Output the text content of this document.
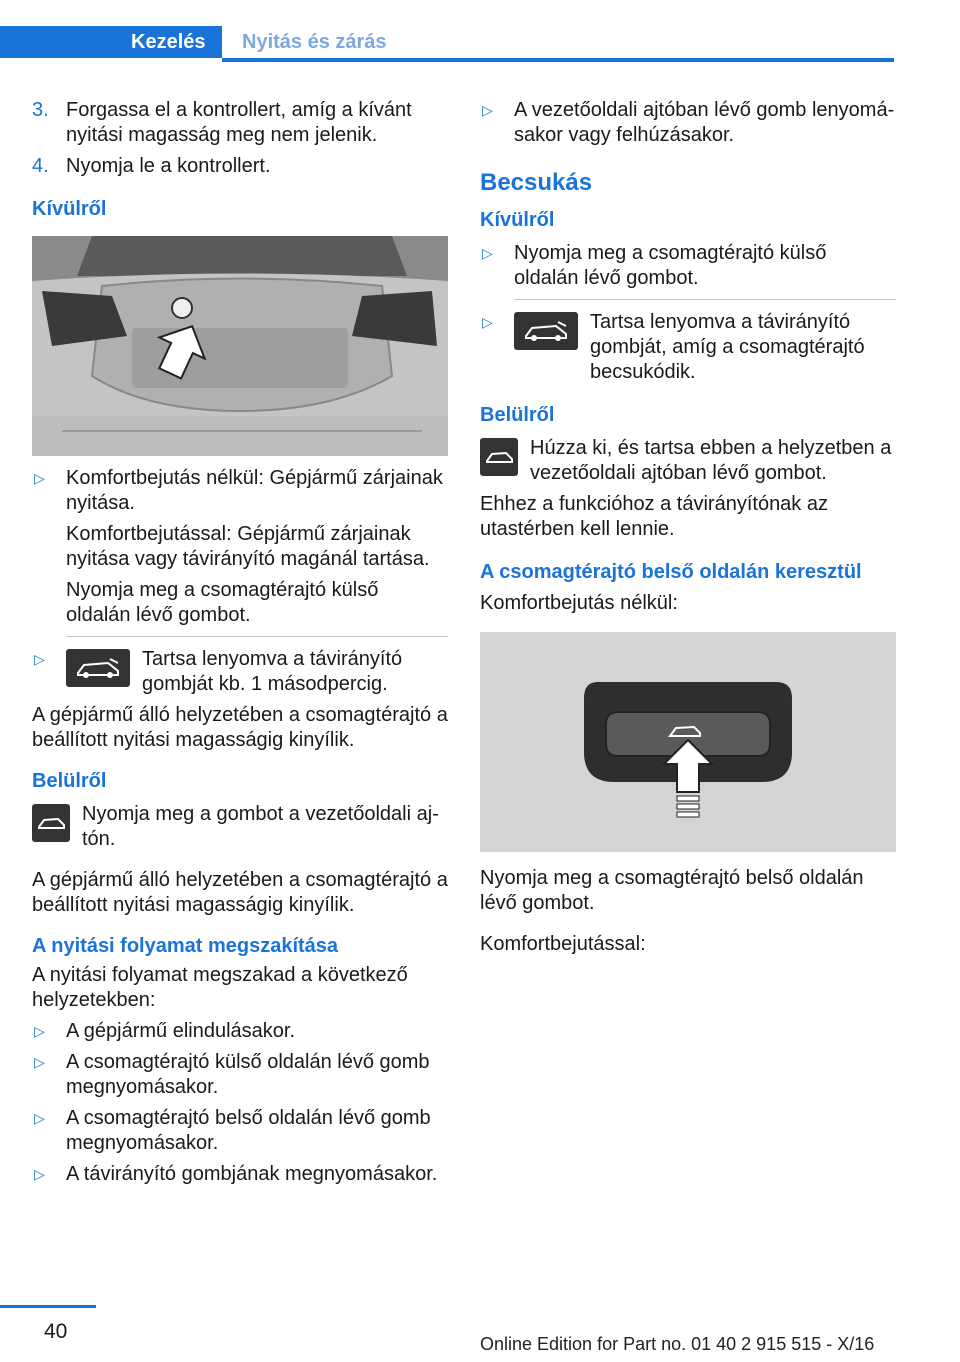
Kezelés	Nyitás és zárás
3. Forgassa el a kontrollert, amíg a kívánt nyitási magasság meg nem jelenik.
4. Nyomja le a kontrollert.
Kívülről
▷	Komfortbejutás nélkül: Gépjármű zárjainak nyitása.

Komfortbejutással: Gépjármű zárjainak nyitása vagy távirányító magánál tartása.

Nyomja meg a csomagtérajtó külső oldalán lévő gombot.

▷	Tartsa lenyomva a távirányító gombját kb. 1 másodpercig.

A gépjármű álló helyzetében a csomagtérajtó a beállított nyitási magasságig kinyílik.

Belülről
Nyomja meg a gombot a vezetőoldali ajtón.

A gépjármű álló helyzetében a csomagtérajtó a beállított nyitási magasságig kinyílik.

A nyitási folyamat megszakítása

A nyitási folyamat megszakad a következő helyzetekben:

▷	A gépjármű elindulásakor.
▷	A csomagtérajtó külső oldalán lévő gomb megnyomásakor.
▷	A csomagtérajtó belső oldalán lévő gomb megnyomásakor.
▷	A távirányító gombjának megnyomásakor.
▷	A vezetőoldali ajtóban lévő gomb lenyomásakor vagy felhúzásakor.
Becsukás
Kívülről
▷	Nyomja meg a csomagtérajtó külső oldalán lévő gombot.
▷	Tartsa lenyomva a távirányító gombját, amíg a csomagtérajtó becsukódik.
Belülről
Húzza ki, és tartsa ebben a helyzetben a vezetőoldali ajtóban lévő gombot.

Ehhez a funkcióhoz a távirányítónak az utastérben kell lennie.

A csomagtérajtó belső oldalán keresztül

Komfortbejutás nélkül:

Nyomja meg a csomagtérajtó belső oldalán lévő gombot.

Komfortbejutással:

40
Online Edition for Part no. 01 40 2 915 515 - X/16
